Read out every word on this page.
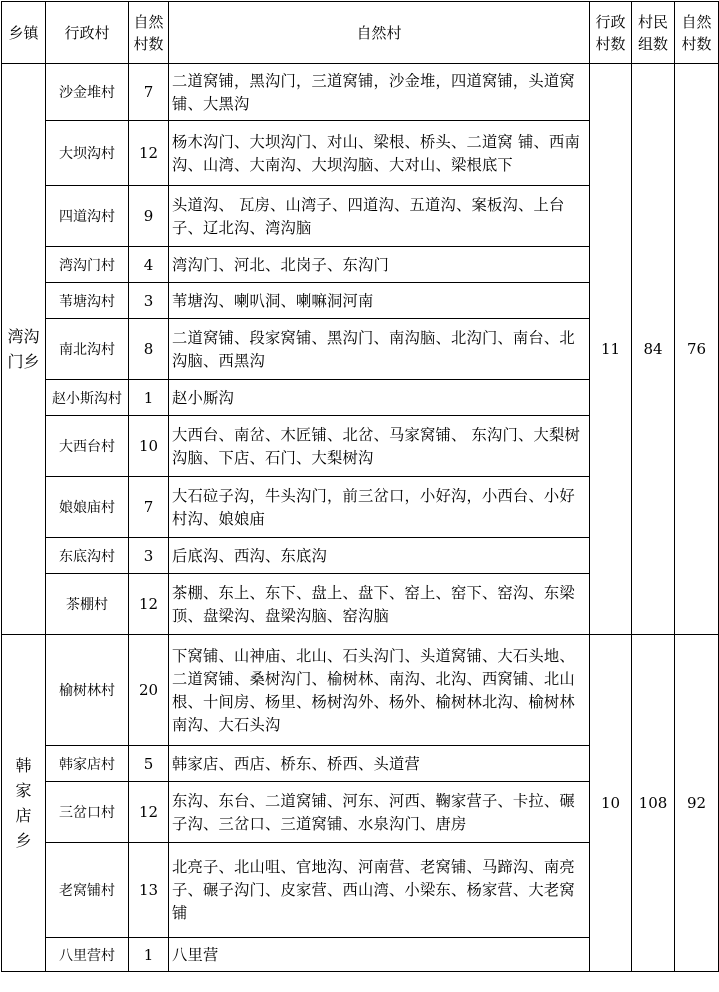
乡镇	行政村	自然村数	自然村	行政村数	村民组数	自然村数
湾沟门乡	沙金堆村	7	二道窝铺，黑沟门，三道窝铺，沙金堆，四道窝铺，头道窝铺、大黑沟	11	84	76
	大坝沟村	12	杨木沟门、大坝沟门、对山、梁根、桥头、二道窝 铺、西南沟、山湾、大南沟、大坝沟脑、大对山、梁根底下			
	四道沟村	9	头道沟、 瓦房、山湾子、四道沟、五道沟、案板沟、上台子、辽北沟、湾沟脑			
	湾沟门村	4	湾沟门、河北、北岗子、东沟门			
	苇塘沟村	3	苇塘沟、喇叭洞、喇嘛洞河南			
	南北沟村	8	二道窝铺、段家窝铺、黑沟门、南沟脑、北沟门、南台、北沟脑、西黑沟			
	赵小斯沟村	1	赵小厮沟			
	大西台村	10	大西台、南岔、木匠铺、北岔、马家窝铺、 东沟门、大梨树沟脑、下店、石门、大梨树沟			
	娘娘庙村	7	大石砬子沟，牛头沟门，前三岔口，小好沟，小西台、小好村沟、娘娘庙			
	东底沟村	3	后底沟、西沟、东底沟			
	茶棚村	12	茶棚、东上、东下、盘上、盘下、窑上、窑下、窑沟、东梁顶、盘梁沟、盘梁沟脑、窑沟脑			
韩家店乡	榆树林村	20	下窝铺、山神庙、北山、石头沟门、头道窝铺、大石头地、二道窝铺、桑树沟门、榆树林、南沟、北沟、西窝铺、北山根、十间房、杨里、杨树沟外、杨外、榆树林北沟、榆树林南沟、大石头沟	10	108	92
	韩家店村	5	韩家店、西店、桥东、桥西、头道营			
	三岔口村	12	东沟、东台、二道窝铺、河东、河西、鞠家营子、卡拉、碾子沟、三岔口、三道窝铺、水泉沟门、唐房			
	老窝铺村	13	北亮子、北山咀、官地沟、河南营、老窝铺、马蹄沟、南亮子、碾子沟门、皮家营、西山湾、小梁东、杨家营、大老窝铺			
	八里营村	1	八里营			
